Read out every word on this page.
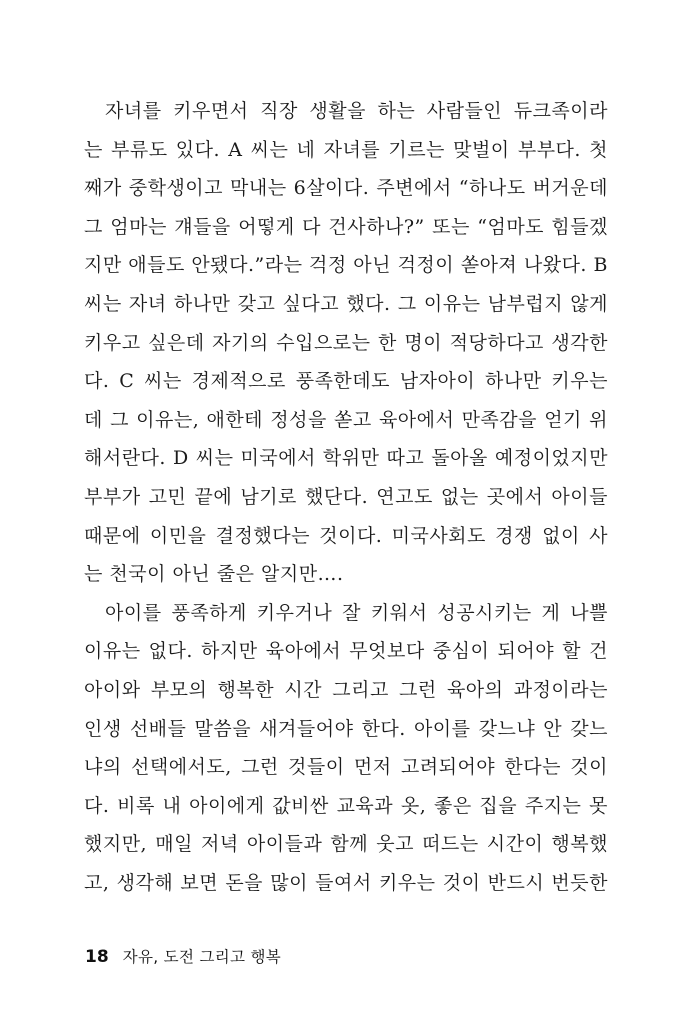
자녀를 키우면서 직장 생활을 하는 사람들인 듀크족이라
는 부류도 있다. A 씨는 네 자녀를 기르는 맞벌이 부부다. 첫
째가 중학생이고 막내는 6살이다. 주변에서 “하나도 버거운데
그 엄마는 걔들을 어떻게 다 건사하나?” 또는 “엄마도 힘들겠
지만 애들도 안됐다.”라는 걱정 아닌 걱정이 쏟아져 나왔다. B
씨는 자녀 하나만 갖고 싶다고 했다. 그 이유는 남부럽지 않게
키우고 싶은데 자기의 수입으로는 한 명이 적당하다고 생각한
다. C 씨는 경제적으로 풍족한데도 남자아이 하나만 키우는
데 그 이유는, 애한테 정성을 쏟고 육아에서 만족감을 얻기 위
해서란다. D 씨는 미국에서 학위만 따고 돌아올 예정이었지만
부부가 고민 끝에 남기로 했단다. 연고도 없는 곳에서 아이들
때문에 이민을 결정했다는 것이다. 미국사회도 경쟁 없이 사
는 천국이 아닌 줄은 알지만….
아이를 풍족하게 키우거나 잘 키워서 성공시키는 게 나쁠
이유는 없다. 하지만 육아에서 무엇보다 중심이 되어야 할 건
아이와 부모의 행복한 시간 그리고 그런 육아의 과정이라는
인생 선배들 말씀을 새겨들어야 한다. 아이를 갖느냐 안 갖느
냐의 선택에서도, 그런 것들이 먼저 고려되어야 한다는 것이
다. 비록 내 아이에게 값비싼 교육과 옷, 좋은 집을 주지는 못
했지만, 매일 저녁 아이들과 함께 웃고 떠드는 시간이 행복했
고, 생각해 보면 돈을 많이 들여서 키우는 것이 반드시 번듯한
18 자유, 도전 그리고 행복
